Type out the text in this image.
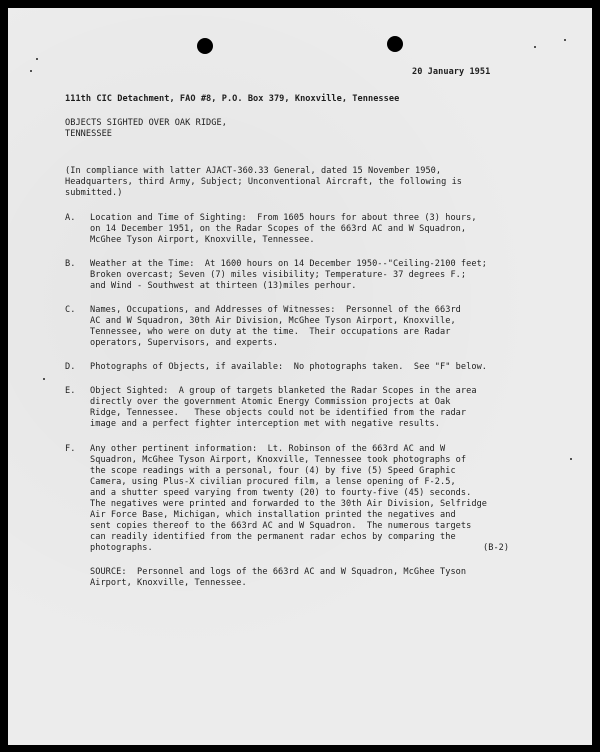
20 January 1951
111th CIC Detachment, FAO #8, P.O. Box 379, Knoxville, Tennessee
OBJECTS SIGHTED OVER OAK RIDGE,
TENNESSEE
(In compliance with latter AJACT-360.33 General, dated 15 November 1950,
Headquarters, third Army, Subject; Unconventional Aircraft, the following is
submitted.)
A. Location and Time of Sighting:  From 1605 hours for about three (3) hours,
on 14 December 1951, on the Radar Scopes of the 663rd AC and W Squadron,
McGhee Tyson Airport, Knoxville, Tennessee.
B. Weather at the Time:  At 1600 hours on 14 December 1950--"Ceiling-2100 feet;
Broken overcast; Seven (7) miles visibility; Temperature- 37 degrees F.;
and Wind - Southwest at thirteen (13)miles perhour.
C. Names, Occupations, and Addresses of Witnesses:  Personnel of the 663rd
AC and W Squadron, 30th Air Division, McGhee Tyson Airport, Knoxville,
Tennessee, who were on duty at the time.  Their occupations are Radar
operators, Supervisors, and experts.
D. Photographs of Objects, if available:  No photographs taken.  See "F" below.
E. Object Sighted:  A group of targets blanketed the Radar Scopes in the area
directly over the government Atomic Energy Commission projects at Oak
Ridge, Tennessee.   These objects could not be identified from the radar
image and a perfect fighter interception met with negative results.
F. Any other pertinent information:  Lt. Robinson of the 663rd AC and W
Squadron, McGhee Tyson Airport, Knoxville, Tennessee took photographs of
the scope readings with a personal, four (4) by five (5) Speed Graphic
Camera, using Plus-X civilian procured film, a lense opening of F-2.5,
and a shutter speed varying from twenty (20) to fourty-five (45) seconds.
The negatives were printed and forwarded to the 30th Air Division, Selfridge
Air Force Base, Michigan, which installation printed the negatives and
sent copies thereof to the 663rd AC and W Squadron.  The numerous targets
can readily identified from the permanent radar echos by comparing the
photographs.	(B-2)
SOURCE:  Personnel and logs of the 663rd AC and W Squadron, McGhee Tyson
Airport, Knoxville, Tennessee.
